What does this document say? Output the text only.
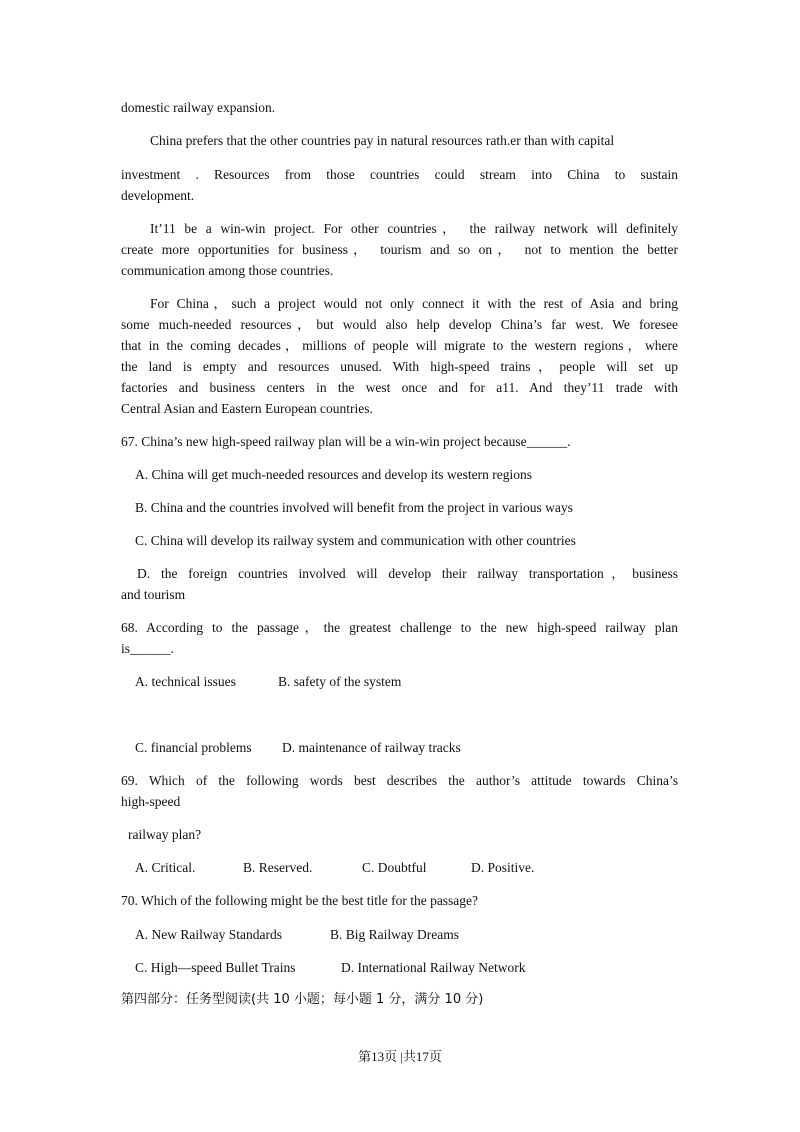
domestic railway expansion.
China prefers that the other countries pay in natural resources rath.er than with capital
investment . Resources from those countries could stream into China to sustain
development.
It’11 be a win-win project. For other countries， the railway network will definitely
create more opportunities for business， tourism and so on， not to mention the better
communication among those countries.
For China，such a project would not only connect it with the rest of Asia and bring
some much-needed resources，but would also help develop China’s far west. We foresee
that in the coming decades，millions of people will migrate to the western regions，where
the land is empty and resources unused. With high-speed trains，people will set up
factories and business centers in the west once and for a11. And they’11 trade with
Central Asian and Eastern European countries.
67. China’s new high-speed railway plan will be a win-win project because______.
A. China will get much-needed resources and develop its western regions
B. China and the countries involved will benefit from the project in various ways
C. China will develop its railway system and communication with other countries
D. the foreign countries involved will develop their railway transportation，business
and tourism
68. According to the passage，the greatest challenge to the new high-speed railway plan
is______.
A. technical issues	B. safety of the system
C. financial problems D. maintenance of railway tracks
69. Which of the following words best describes the author’s attitude towards China’s
high-speed
railway plan?
A. Critical.	B. Reserved.	C. Doubtful	D. Positive.
70. Which of the following might be the best title for the passage?
A. New Railway Standards	B. Big Railway Dreams
C. High—speed Bullet Trains	D. International Railway Network
第四部分：任务型阅读(共 10 小题；每小题 1 分，满分 10 分)
第13页 |共17页
